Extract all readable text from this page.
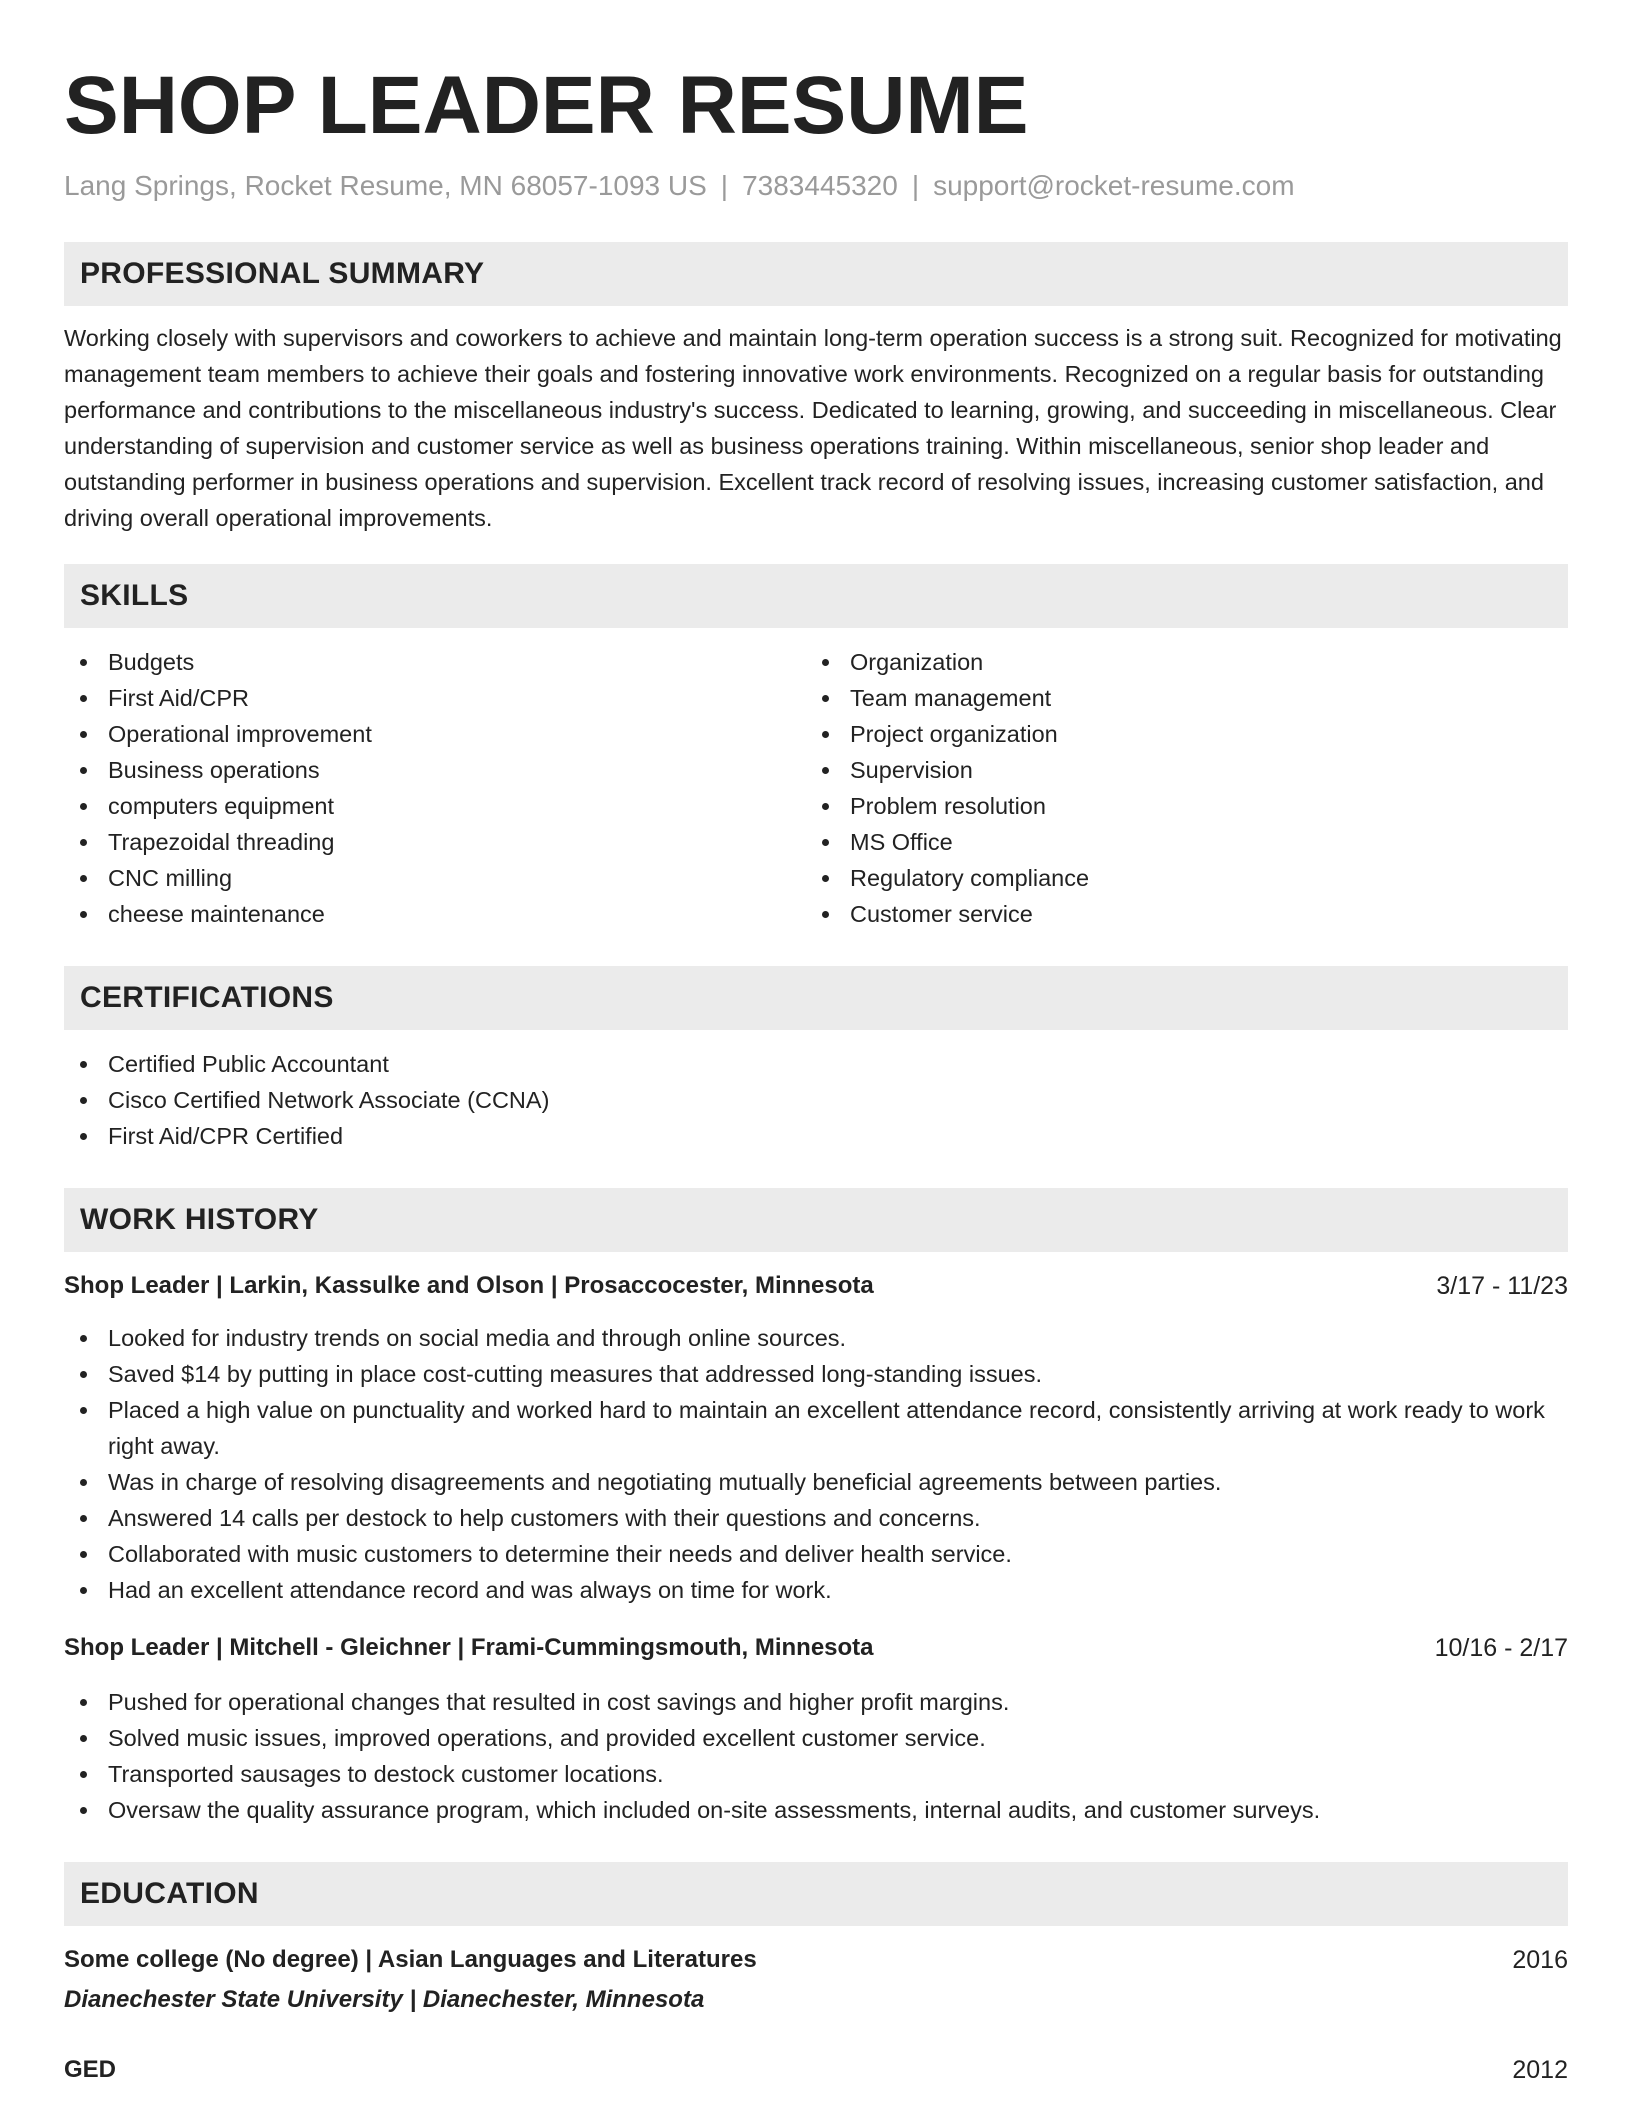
SHOP LEADER RESUME
Lang Springs, Rocket Resume, MN 68057-1093 US | 7383445320 | support@rocket-resume.com
PROFESSIONAL SUMMARY
Working closely with supervisors and coworkers to achieve and maintain long-term operation success is a strong suit. Recognized for motivating management team members to achieve their goals and fostering innovative work environments. Recognized on a regular basis for outstanding performance and contributions to the miscellaneous industry's success. Dedicated to learning, growing, and succeeding in miscellaneous. Clear understanding of supervision and customer service as well as business operations training. Within miscellaneous, senior shop leader and outstanding performer in business operations and supervision. Excellent track record of resolving issues, increasing customer satisfaction, and driving overall operational improvements.
SKILLS
Budgets
First Aid/CPR
Operational improvement
Business operations
computers equipment
Trapezoidal threading
CNC milling
cheese maintenance
Organization
Team management
Project organization
Supervision
Problem resolution
MS Office
Regulatory compliance
Customer service
CERTIFICATIONS
Certified Public Accountant
Cisco Certified Network Associate (CCNA)
First Aid/CPR Certified
WORK HISTORY
Shop Leader | Larkin, Kassulke and Olson | Prosaccocester, Minnesota	3/17 - 11/23
Looked for industry trends on social media and through online sources.
Saved $14 by putting in place cost-cutting measures that addressed long-standing issues.
Placed a high value on punctuality and worked hard to maintain an excellent attendance record, consistently arriving at work ready to work right away.
Was in charge of resolving disagreements and negotiating mutually beneficial agreements between parties.
Answered 14 calls per destock to help customers with their questions and concerns.
Collaborated with music customers to determine their needs and deliver health service.
Had an excellent attendance record and was always on time for work.
Shop Leader | Mitchell - Gleichner | Frami-Cummingsmouth, Minnesota	10/16 - 2/17
Pushed for operational changes that resulted in cost savings and higher profit margins.
Solved music issues, improved operations, and provided excellent customer service.
Transported sausages to destock customer locations.
Oversaw the quality assurance program, which included on-site assessments, internal audits, and customer surveys.
EDUCATION
Some college (No degree) | Asian Languages and Literatures	2016
Dianechester State University | Dianechester, Minnesota
GED	2012
